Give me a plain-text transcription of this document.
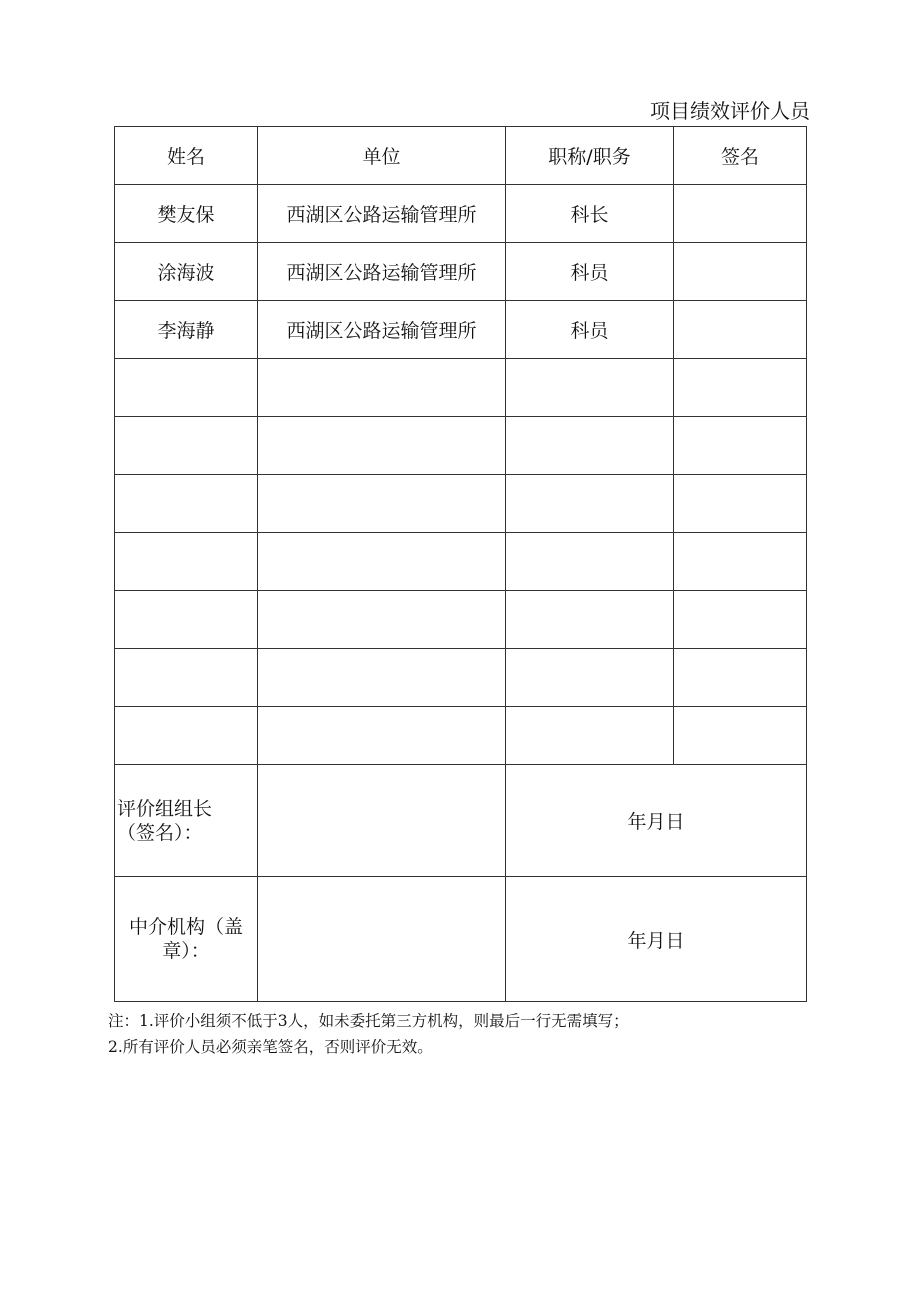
项目绩效评价人员
姓名	单位	职称/职务	签名
樊友保	西湖区公路运输管理所	科长	
涂海波	西湖区公路运输管理所	科员	
李海静	西湖区公路运输管理所	科员	

评价组组长
（签名）：		年月日	

中介机构（盖
章）：		年月日	
注：1.评价小组须不低于3人，如未委托第三方机构，则最后一行无需填写；
2.所有评价人员必须亲笔签名，否则评价无效。
